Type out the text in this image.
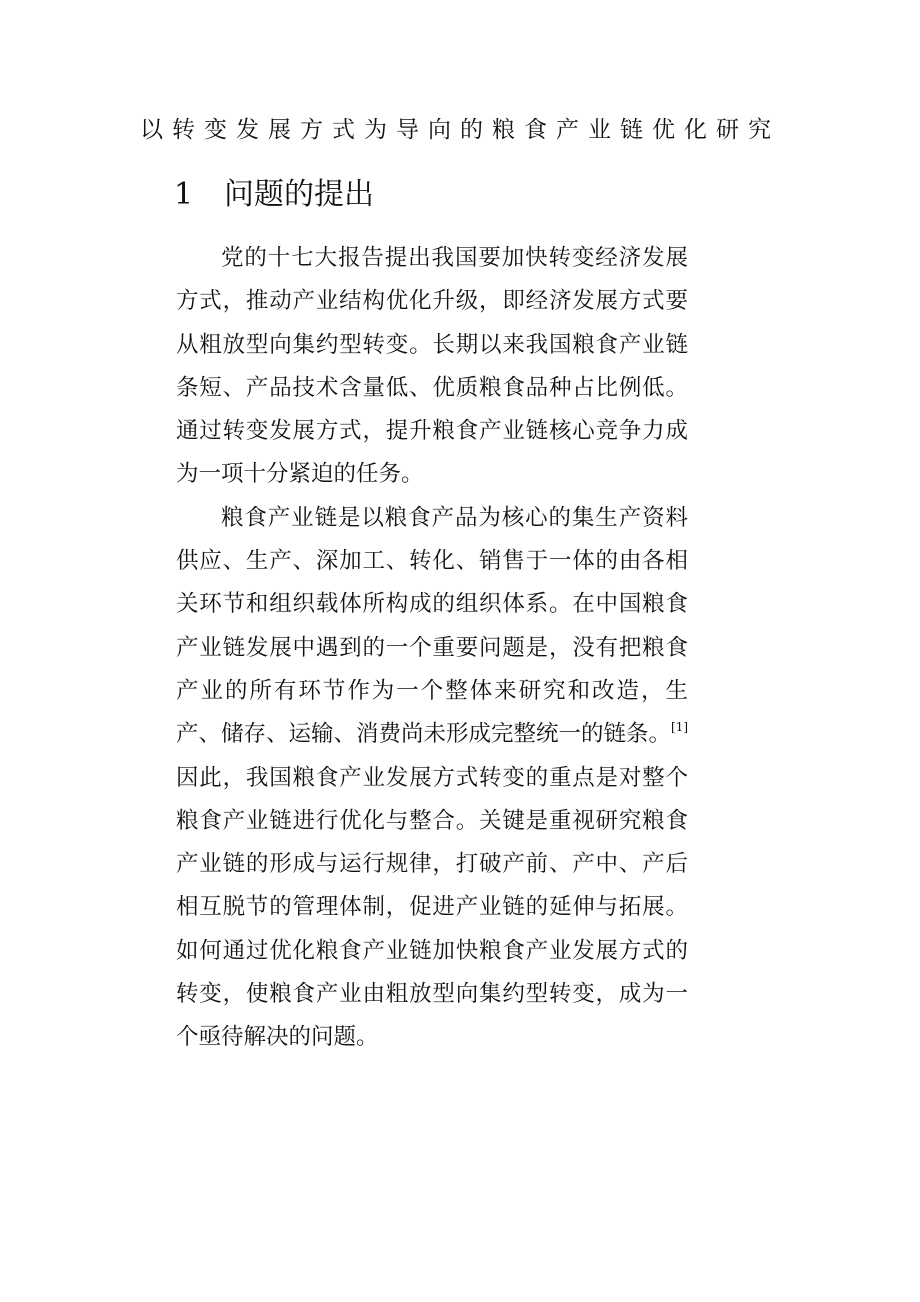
以转变发展方式为导向的粮食产业链优化研究
1 问题的提出

党的十七大报告提出我国要加快转变经济发展方式，推动产业结构优化升级，即经济发展方式要从粗放型向集约型转变。长期以来我国粮食产业链条短、产品技术含量低、优质粮食品种占比例低。通过转变发展方式，提升粮食产业链核心竞争力成为一项十分紧迫的任务。

粮食产业链是以粮食产品为核心的集生产资料供应、生产、深加工、转化、销售于一体的由各相关环节和组织载体所构成的组织体系。在中国粮食产业链发展中遇到的一个重要问题是，没有把粮食产业的所有环节作为一个整体来研究和改造，生产、储存、运输、消费尚未形成完整统一的链条。[1] 因此，我国粮食产业发展方式转变的重点是对整个粮食产业链进行优化与整合。关键是重视研究粮食产业链的形成与运行规律，打破产前、产中、产后相互脱节的管理体制，促进产业链的延伸与拓展。如何通过优化粮食产业链加快粮食产业发展方式的转变，使粮食产业由粗放型向集约型转变，成为一个亟待解决的问题。
